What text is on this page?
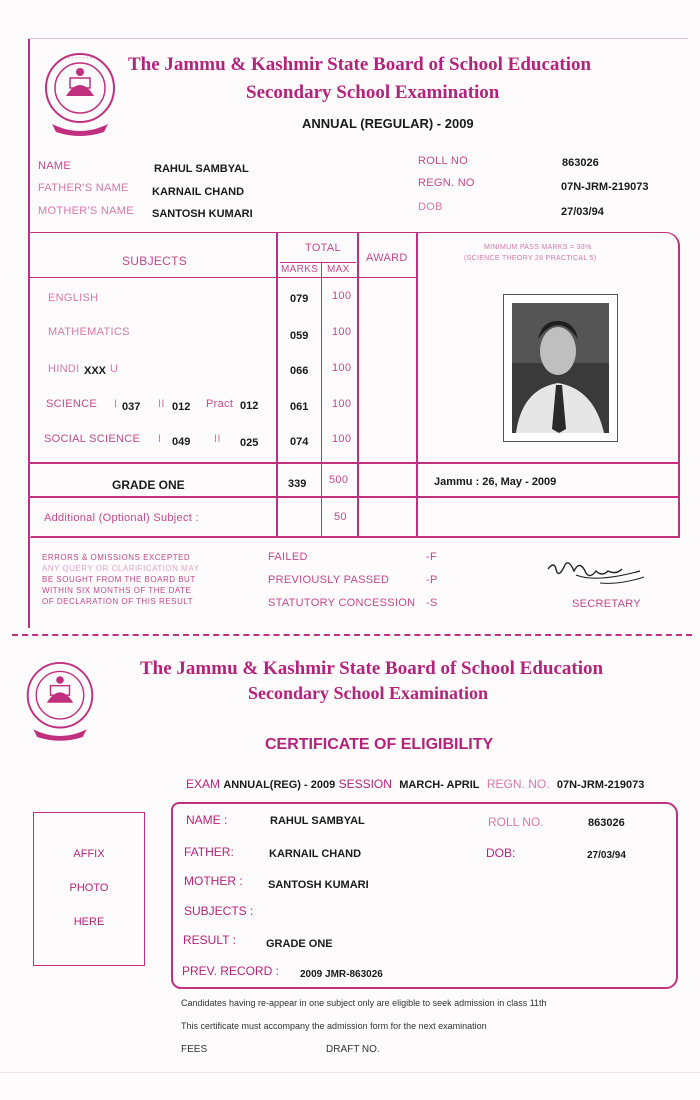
· · · · · · · The Jammu & Kashmir State Board of School Education
Secondary School Examination
ANNUAL (REGULAR) - 2009
NAME	RAHUL SAMBYAL
FATHER'S NAME KARNAIL CHAND
MOTHER'S NAME SANTOSH KUMARI
ROLL NO	863026
REGN. NO	07N-JRM-219073
DOB	27/03/94
SUBJECTS
TOTAL
MARKS MAX
AWARD
MINIMUM PASS MARKS = 33%
(SCIENCE THEORY 28 PRACTICAL 5)
ENGLISH	079 100
MATHEMATICS	059 100
HINDI XXX U	066 100
SCIENCE I 037 II 012 Pract 012	061 100
SOCIAL SCIENCE I 049 II 025	074 100
GRADE ONE	339 500	Jammu : 26, May - 2009
Additional (Optional) Subject :	50
ERRORS & OMISSIONS EXCEPTED
ANY QUERY OR CLARIFICATION MAY
BE SOUGHT FROM THE BOARD BUT
WITHIN SIX MONTHS OF THE DATE
OF DECLARATION OF THIS RESULT
FAILED	-F
PREVIOUSLY PASSED	-P
STATUTORY CONCESSION -S	SECRETARY
The Jammu & Kashmir State Board of School Education
Secondary School Examination
CERTIFICATE OF ELIGIBILITY
EXAM ANNUAL(REG) - 2009 SESSION MARCH- APRIL REGN. NO. 07N-JRM-219073
AFFIX
PHOTO
HERE
NAME :	RAHUL SAMBYAL	ROLL NO.	863026
FATHER:	KARNAIL CHAND	DOB:	27/03/94
MOTHER : SANTOSH KUMARI
SUBJECTS :
RESULT :	GRADE ONE
PREV. RECORD : 2009 JMR-863026
Candidates having re-appear in one subject only are eligible to seek admission in class 11th
This certificate must accompany the admission form for the next examination
FEES	DRAFT NO.
